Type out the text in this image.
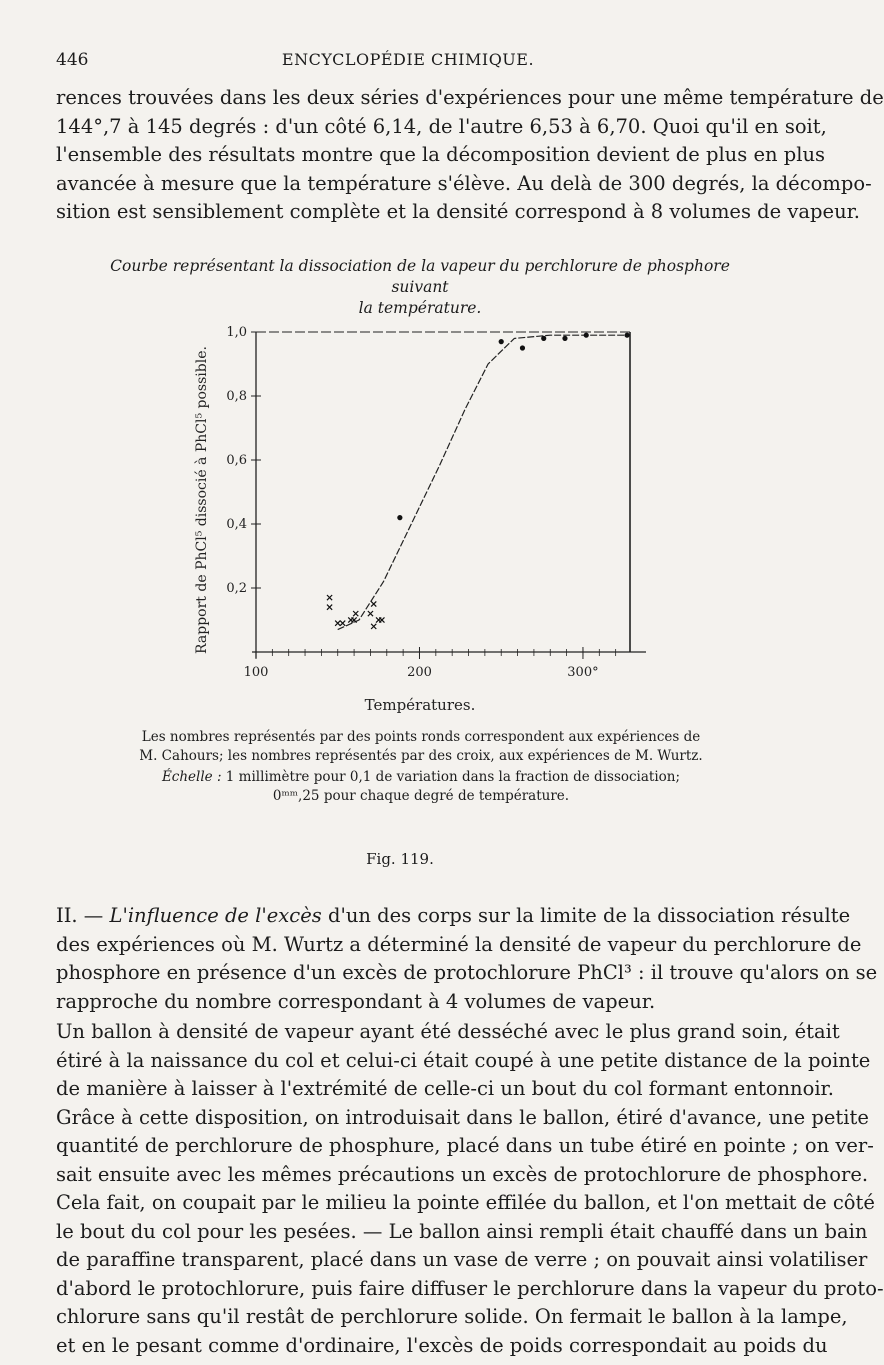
446	ENCYCLOPÉDIE CHIMIQUE.
rences trouvées dans les deux séries d'expériences pour une même température de
144°,7 à 145 degrés : d'un côté 6,14, de l'autre 6,53 à 6,70. Quoi qu'il en soit,
l'ensemble des résultats montre que la décomposition devient de plus en plus
avancée à mesure que la température s'élève. Au delà de 300 degrés, la décompo-
sition est sensiblement complète et la densité correspond à 8 volumes de vapeur.
Courbe représentant la dissociation de la vapeur du perchlorure de phosphore suivant
la température.
0,2
0,4
0,6
0,8
1,0
100	200	300°
Rapport de PhCl⁵ dissocié à PhCl⁵ possible.
Températures.
Les nombres représentés par des points ronds correspondent aux expériences de
M. Cahours; les nombres représentés par des croix, aux expériences de M. Wurtz.
Échelle : 1 millimètre pour 0,1 de variation dans la fraction de dissociation;
0ᵐᵐ,25 pour chaque degré de température.
Fig. 119.
II. — L'influence de l'excès d'un des corps sur la limite de la dissociation résulte
des expériences où M. Wurtz a déterminé la densité de vapeur du perchlorure de
phosphore en présence d'un excès de protochlorure PhCl³ : il trouve qu'alors on se
rapproche du nombre correspondant à 4 volumes de vapeur.
Un ballon à densité de vapeur ayant été desséché avec le plus grand soin, était
étiré à la naissance du col et celui-ci était coupé à une petite distance de la pointe
de manière à laisser à l'extrémité de celle-ci un bout du col formant entonnoir.
Grâce à cette disposition, on introduisait dans le ballon, étiré d'avance, une petite
quantité de perchlorure de phosphure, placé dans un tube étiré en pointe ; on ver-
sait ensuite avec les mêmes précautions un excès de protochlorure de phosphore.
Cela fait, on coupait par le milieu la pointe effilée du ballon, et l'on mettait de côté
le bout du col pour les pesées. — Le ballon ainsi rempli était chauffé dans un bain
de paraffine transparent, placé dans un vase de verre ; on pouvait ainsi volatiliser
d'abord le protochlorure, puis faire diffuser le perchlorure dans la vapeur du proto-
chlorure sans qu'il restât de perchlorure solide. On fermait le ballon à la lampe,
et en le pesant comme d'ordinaire, l'excès de poids correspondait au poids du
